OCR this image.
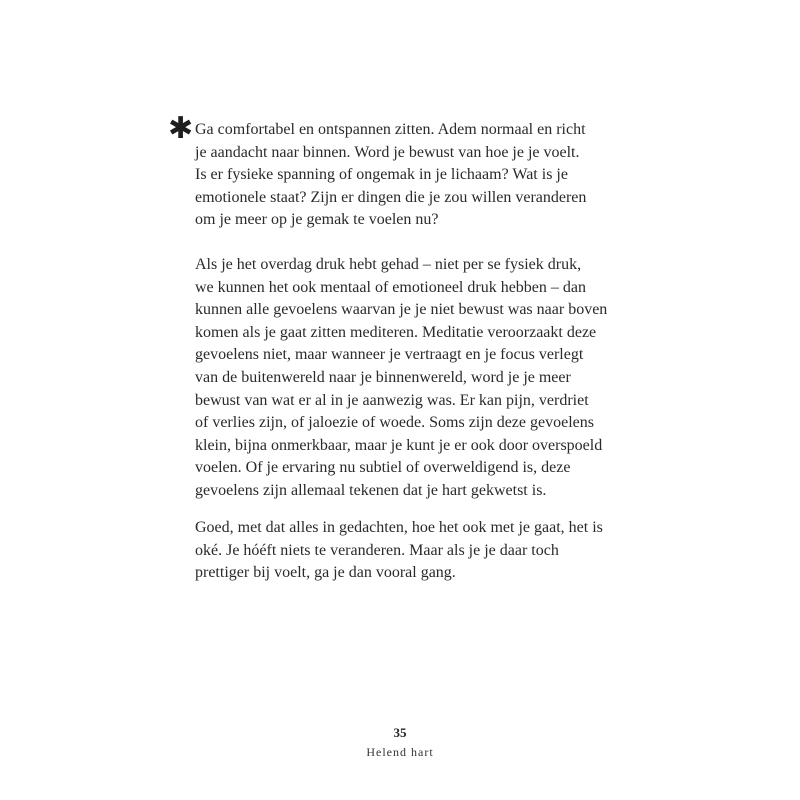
✱ Ga comfortabel en ontspannen zitten. Adem normaal en richt
je aandacht naar binnen. Word je bewust van hoe je je voelt.
Is er fysieke spanning of ongemak in je lichaam? Wat is je
emotionele staat? Zijn er dingen die je zou willen veranderen
om je meer op je gemak te voelen nu?
Als je het overdag druk hebt gehad – niet per se fysiek druk,
we kunnen het ook mentaal of emotioneel druk hebben – dan
kunnen alle gevoelens waarvan je je niet bewust was naar boven
komen als je gaat zitten mediteren. Meditatie veroorzaakt deze
gevoelens niet, maar wanneer je vertraagt en je focus verlegt
van de buitenwereld naar je binnenwereld, word je je meer
bewust van wat er al in je aanwezig was. Er kan pijn, verdriet
of verlies zijn, of jaloezie of woede. Soms zijn deze gevoelens
klein, bijna onmerkbaar, maar je kunt je er ook door overspoeld
voelen. Of je ervaring nu subtiel of overweldigend is, deze
gevoelens zijn allemaal tekenen dat je hart gekwetst is.
Goed, met dat alles in gedachten, hoe het ook met je gaat, het is
oké. Je hóéft niets te veranderen. Maar als je je daar toch
prettiger bij voelt, ga je dan vooral gang.
35
Helend hart
